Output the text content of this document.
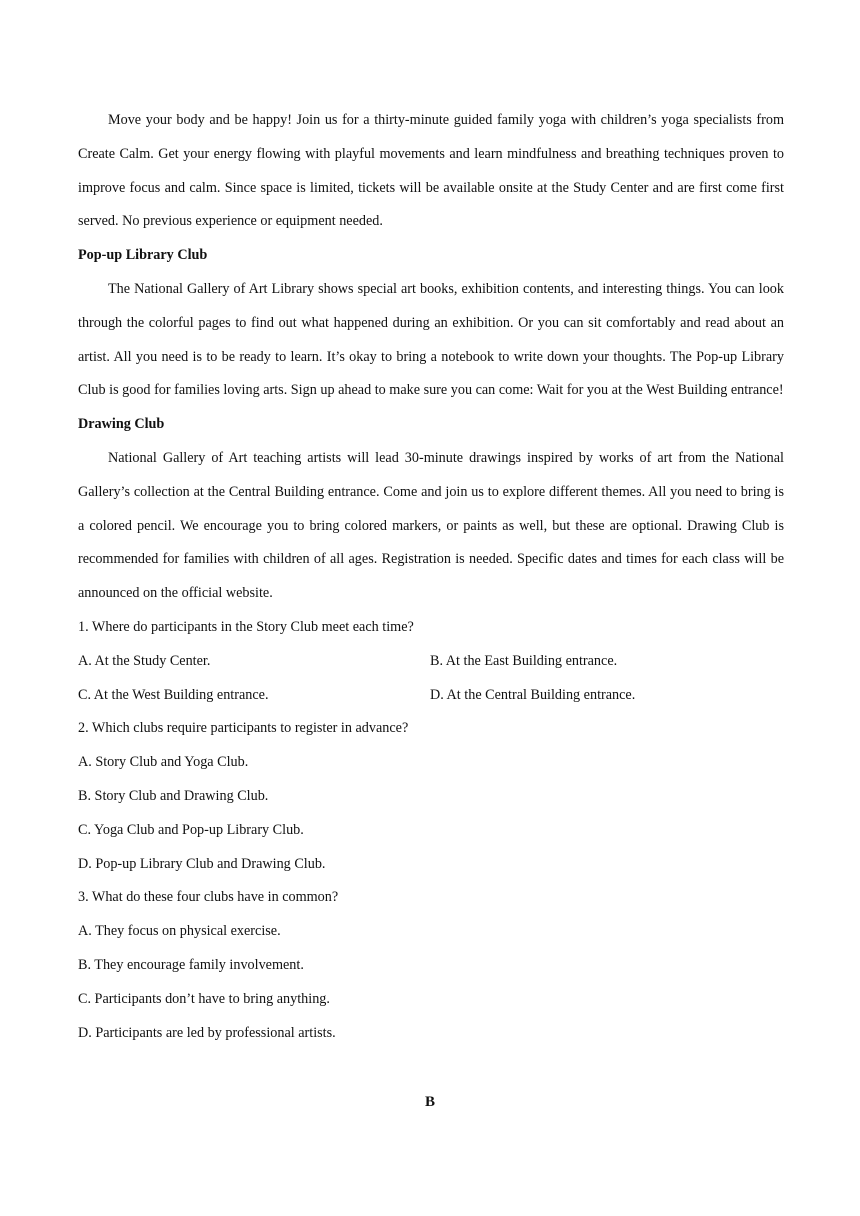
Move your body and be happy! Join us for a thirty-minute guided family yoga with children’s yoga specialists from Create Calm. Get your energy flowing with playful movements and learn mindfulness and breathing techniques proven to improve focus and calm. Since space is limited, tickets will be available onsite at the Study Center and are first come first served. No previous experience or equipment needed.

Pop-up Library Club

The National Gallery of Art Library shows special art books, exhibition contents, and interesting things. You can look through the colorful pages to find out what happened during an exhibition. Or you can sit comfortably and read about an artist. All you need is to be ready to learn. It’s okay to bring a notebook to write down your thoughts. The Pop-up Library Club is good for families loving arts. Sign up ahead to make sure you can come: Wait for you at the West Building entrance!

Drawing Club

National Gallery of Art teaching artists will lead 30-minute drawings inspired by works of art from the National Gallery’s collection at the Central Building entrance. Come and join us to explore different themes. All you need to bring is a colored pencil. We encourage you to bring colored markers, or paints as well, but these are optional. Drawing Club is recommended for families with children of all ages. Registration is needed. Specific dates and times for each class will be announced on the official website.

1. Where do participants in the Story Club meet each time?
A. At the Study Center.	B. At the East Building entrance.
C. At the West Building entrance.	D. At the Central Building entrance.
2. Which clubs require participants to register in advance?
A. Story Club and Yoga Club.
B. Story Club and Drawing Club.
C. Yoga Club and Pop-up Library Club.
D. Pop-up Library Club and Drawing Club.
3. What do these four clubs have in common?
A. They focus on physical exercise.
B. They encourage family involvement.
C. Participants don’t have to bring anything.
D. Participants are led by professional artists.
B
